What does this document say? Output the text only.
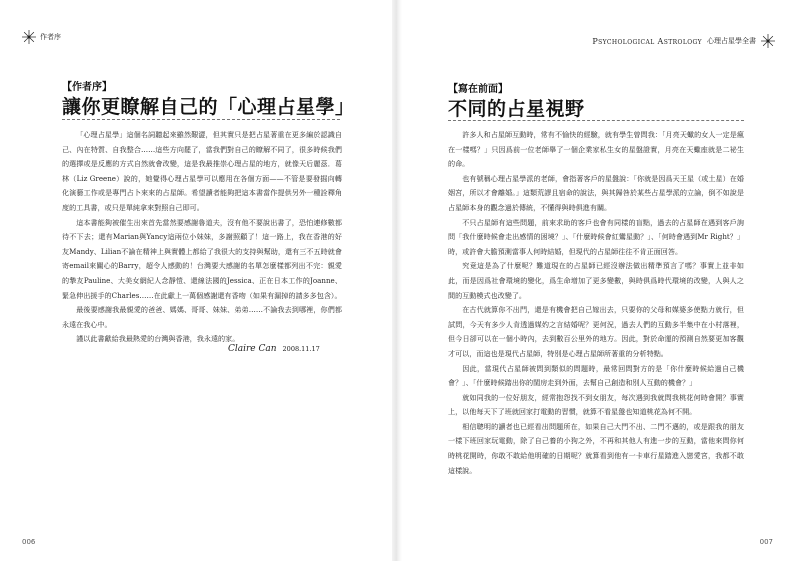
作者序
【作者序】
讓你更瞭解自己的「心理占星學」

「心理占星學」這個名詞聽起來雖然艱澀，但其實只是把占星著重在更多編於認識自己、內在特質、自我整合……這些方向罷了，當我們對自己的瞭解不同了，很多時候我們的選擇或是反應的方式自然就會改變，這是我最推崇心理占星的地方，就像天后麗茲．葛林（Liz Greene）說的，她覺得心理占星學可以應用在各個方面——不管是要發掘向轉化演藝工作或是專門占卜來來的占星師。希望讀者能夠把這本書當作提供另外一種詮釋角度的工具書，或只是單純拿來對照自己即可。

這本書能夠被催生出來首先當然要感謝魯道夫，沒有他不要說出書了，恐怕連修數都待不下去；還有Marian與Yancy這兩位小妹妹，多謝照顧了！這一路上，我在香港的好友Mandy、Lilian不論在精神上與實體上都給了我很大的支持與幫助，還有三不五時就會寄email來關心的Barry，超令人感動的！台灣要大感謝的名單怎麼樣都列出不完：親愛的摯友Pauline、大美女網紀人念靜愷、還線法國的Jessica、正在日本工作的Joanne、緊急伸出援手的Charles……在此獻上一萬個感謝還有香吻（如果有漏掉的請多多包含）。

最後要感謝我最親愛的爸爸、媽媽、哥哥、妹妹、弟弟……不論我去到哪裡，你們都永遠在我心中。

謹以此書獻給我最熱愛的台灣與香港，我永遠的家。

Claire Can 2008.11.17
006
Psychological Astrology 心理占星學全書
【寫在前面】
不同的占星視野

許多人和占星師互動時，常有不愉快的經驗，就有學生曾問我：「月亮天蠍的女人一定是瘋在一樣嗎？」只因爲前一位老師舉了一個企業家私生女的星盤證實，月亮在天蠍座就是二祕生的命。

也有號稱心理占星學派的老師，會指著客戶的星盤說：「你就是因爲天王星（或土星）在婚姻宮，所以才會離婚。」這類荒謬且宿命的說法，與其歸咎於某些占星學派的立論，倒不如說是占星師本身的觀念過於傳統，不懂得與時俱進有關。

不只占星師有這些問題，前來求助的客戶也會有同樣的盲點，過去的占星師在遇到客戶詢問「我什麼時候會走出感情的困境？」、「什麼時候會紅鸞星動？」、「何時會遇到Mr Right？」時，或許會大膽預測當事人何時結婚，但現代的占星師往往不肯正面回答。

究竟這是為了什麼呢？難道現在的占星師已經沒辦法做出精準預言了嗎？事實上並非如此，而是因爲社會環境的變化，爲生命增加了更多變數，與時俱爲時代環境的改變，人與人之間的互動模式也改變了。

在古代就算你不出門，還是有機會把自己嫁出去，只要你的父母和媒婆多使點力就行，但試問，今天有多少人肯透過媒妁之言結婚呢？更何況，過去人們的互動多半集中在小村落裡，但今日卻可以在一個小時內，去到數百公里外的地方。因此，對於命運的預測自然要更加客觀才可以，而這也是現代占星師，特別是心理占星師所著重的分析特點。

因此，當現代占星師被問到類似的問題時，最常回問對方的是「你什麼時候給過自己機會？」、「什麼時候踏出你的閨房走到外面，去幫自己創造和別人互動的機會？」

就如同我的一位好朋友，經常抱怨找不到女朋友，每次遇到我就問我桃花何時會開？事實上，以他每天下了班就回家打電動的習慣，就算不看星盤也知道桃花為何不開。

相信聰明的讀者也已經看出問題所在，如果自己大門不出、二門不邁的，或是跟我的朋友一樣下班回家玩電動，除了自己養的小狗之外，不再和其他人有進一步的互動，當他來問你何時桃花開時，你敢不敢給他明確的日期呢？就算看到他有一卡車行星踏進入戀愛宮，我都不敢這樣說。

007
